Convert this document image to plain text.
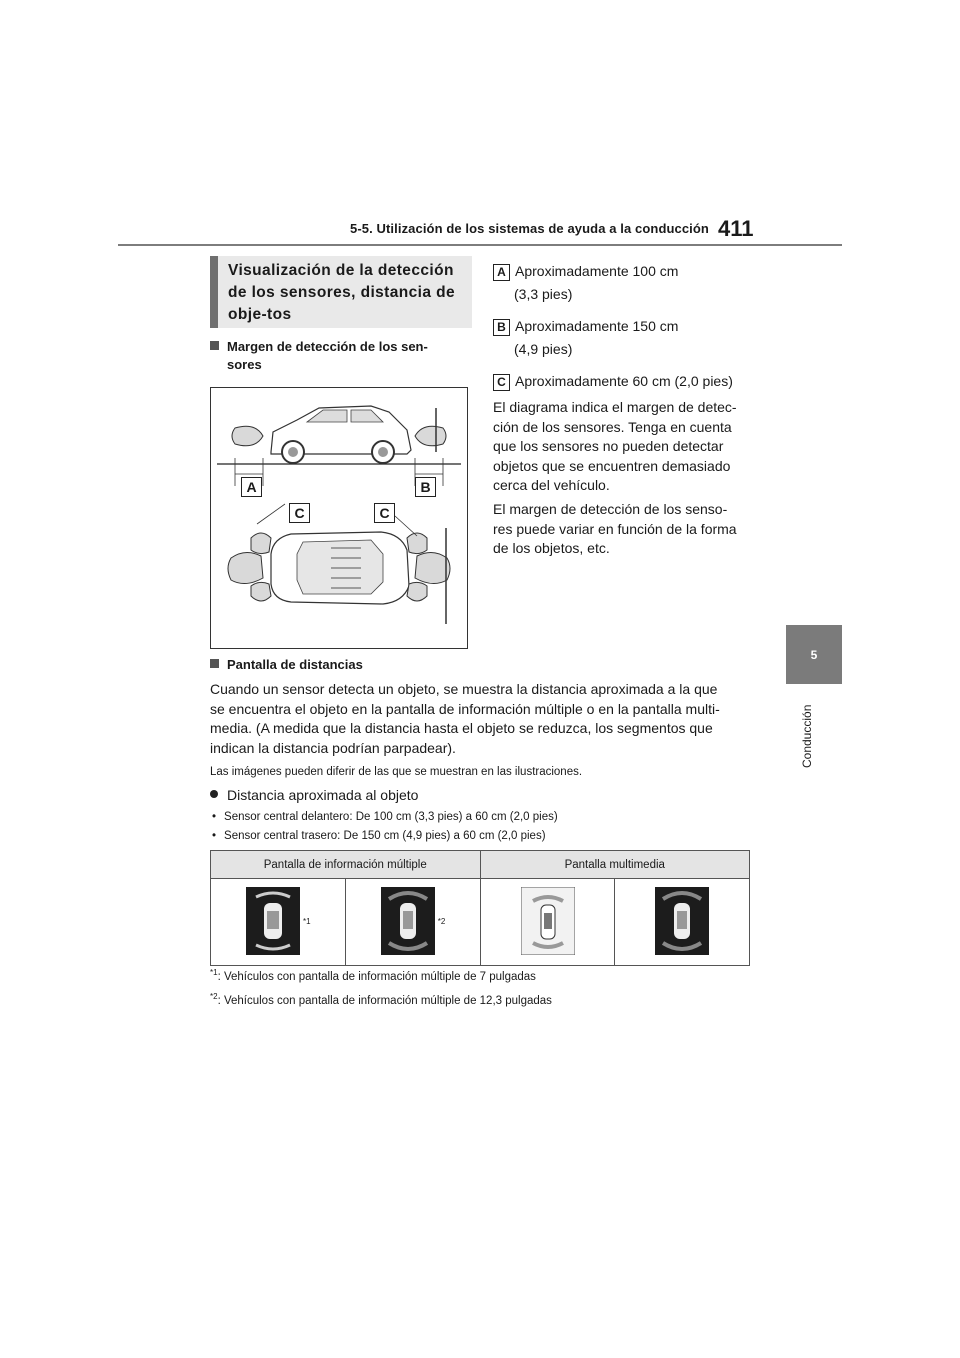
5-5. Utilización de los sistemas de ayuda a la conducción 411
5
Conducción
Visualización de la detección de los sensores, distancia de obje-tos
Margen de detección de los sen-
sores
A	B
C	C
A Aproximadamente 100 cm
(3,3 pies)
B Aproximadamente 150 cm
(4,9 pies)
C Aproximadamente 60 cm (2,0 pies)
El diagrama indica el margen de detec-
ción de los sensores. Tenga en cuenta
que los sensores no pueden detectar
objetos que se encuentren demasiado
cerca del vehículo.
El margen de detección de los senso-
res puede variar en función de la forma
de los objetos, etc.
Pantalla de distancias
Cuando un sensor detecta un objeto, se muestra la distancia aproximada a la que
se encuentra el objeto en la pantalla de información múltiple o en la pantalla multi-
media. (A medida que la distancia hasta el objeto se reduzca, los segmentos que
indican la distancia podrían parpadear).
Las imágenes pueden diferir de las que se muestran en las ilustraciones.
Distancia aproximada al objeto
• Sensor central delantero: De 100 cm (3,3 pies) a 60 cm (2,0 pies)
• Sensor central trasero: De 150 cm (4,9 pies) a 60 cm (2,0 pies)
Pantalla de información múltiple		Pantalla multimedia	

*1	*2

$^{*1}$: Vehículos con pantalla de información múltiple de 7 pulgadas
$^{*2}$: Vehículos con pantalla de información múltiple de 12,3 pulgadas
